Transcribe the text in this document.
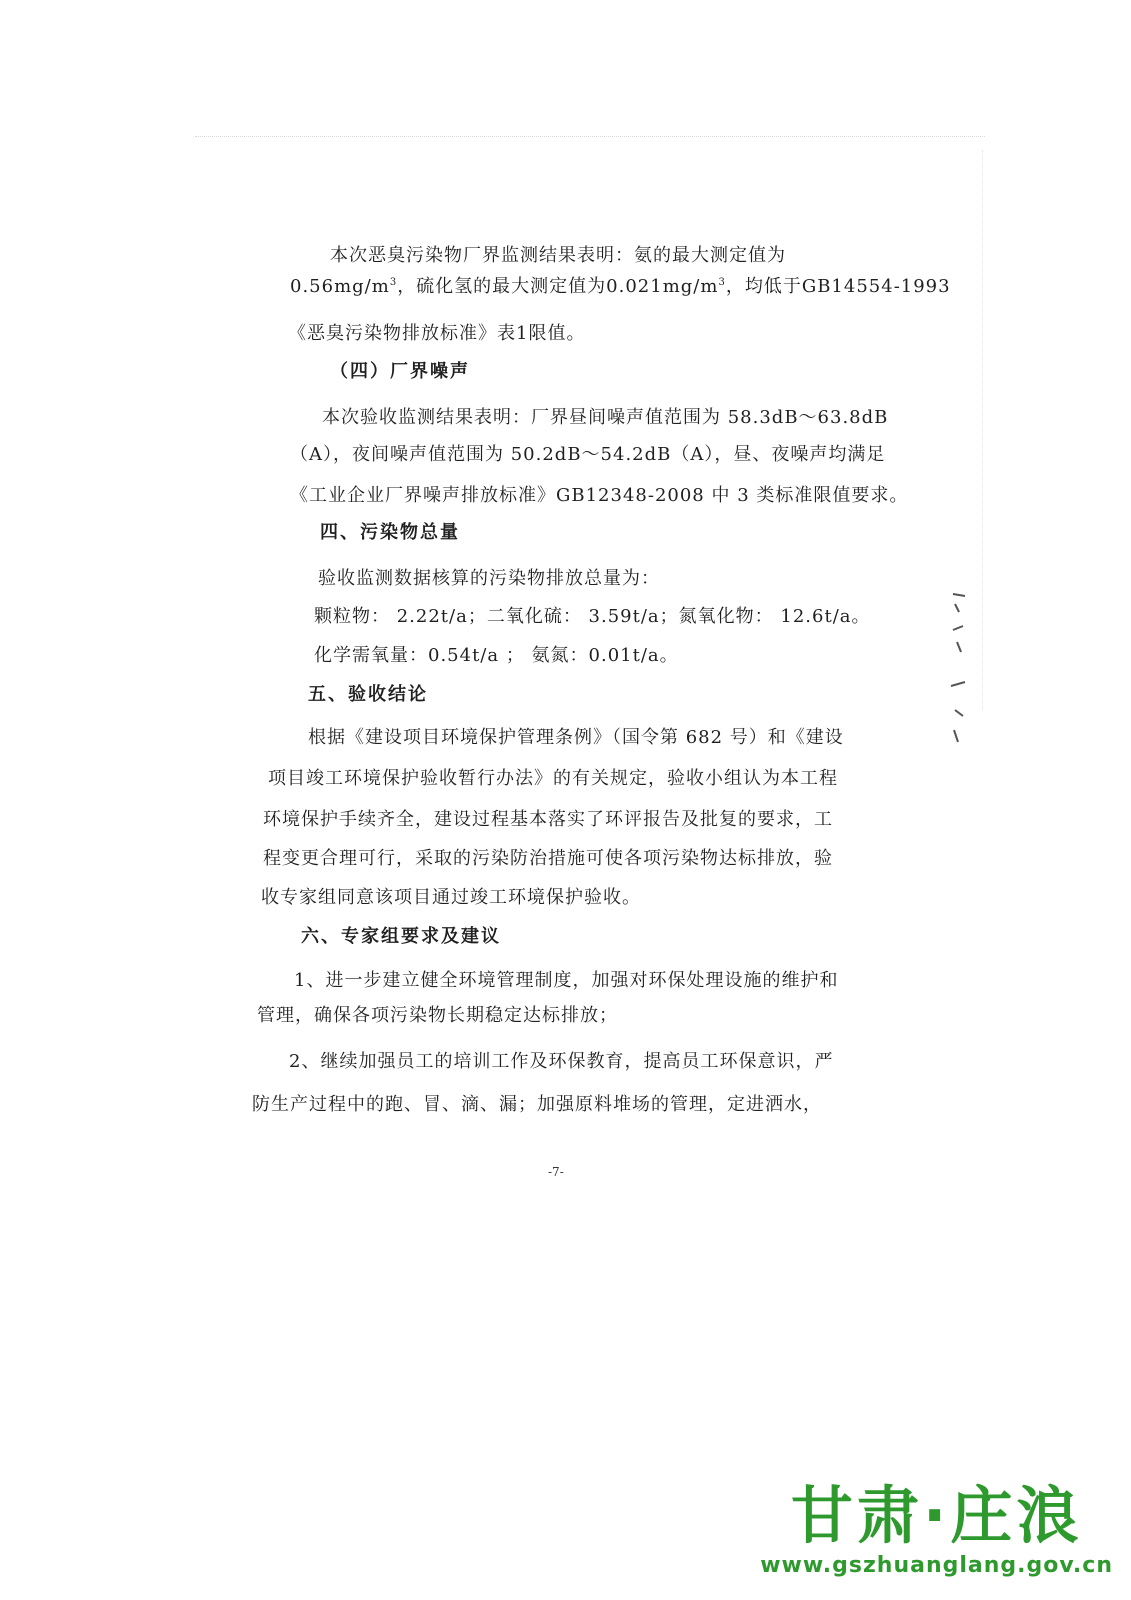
本次恶臭污染物厂界监测结果表明：氨的最大测定值为
$0.56mg/m^3$，硫化氢的最大测定值为$0.021mg/m^3$，均低于GB14554-1993
《恶臭污染物排放标准》表1限值。
（四）厂界噪声
本次验收监测结果表明：厂界昼间噪声值范围为 58.3dB～63.8dB
（A），夜间噪声值范围为 50.2dB～54.2dB（A），昼、夜噪声均满足
《工业企业厂界噪声排放标准》GB12348-2008 中 3 类标准限值要求。
四、污染物总量
验收监测数据核算的污染物排放总量为：
颗粒物： 2.22t/a；二氧化硫： 3.59t/a；氮氧化物： 12.6t/a。
化学需氧量：0.54t/a ； 氨氮：0.01t/a。
五、验收结论
根据《建设项目环境保护管理条例》（国令第 682 号）和《建设
项目竣工环境保护验收暂行办法》的有关规定，验收小组认为本工程
环境保护手续齐全，建设过程基本落实了环评报告及批复的要求，工
程变更合理可行，采取的污染防治措施可使各项污染物达标排放，验
收专家组同意该项目通过竣工环境保护验收。
六、专家组要求及建议
1、进一步建立健全环境管理制度，加强对环保处理设施的维护和
管理，确保各项污染物长期稳定达标排放；
2、继续加强员工的培训工作及环保教育，提高员工环保意识，严
防生产过程中的跑、冒、滴、漏；加强原料堆场的管理，定进洒水，
-7-
甘肃·庄浪
www.gszhuanglang.gov.cn
